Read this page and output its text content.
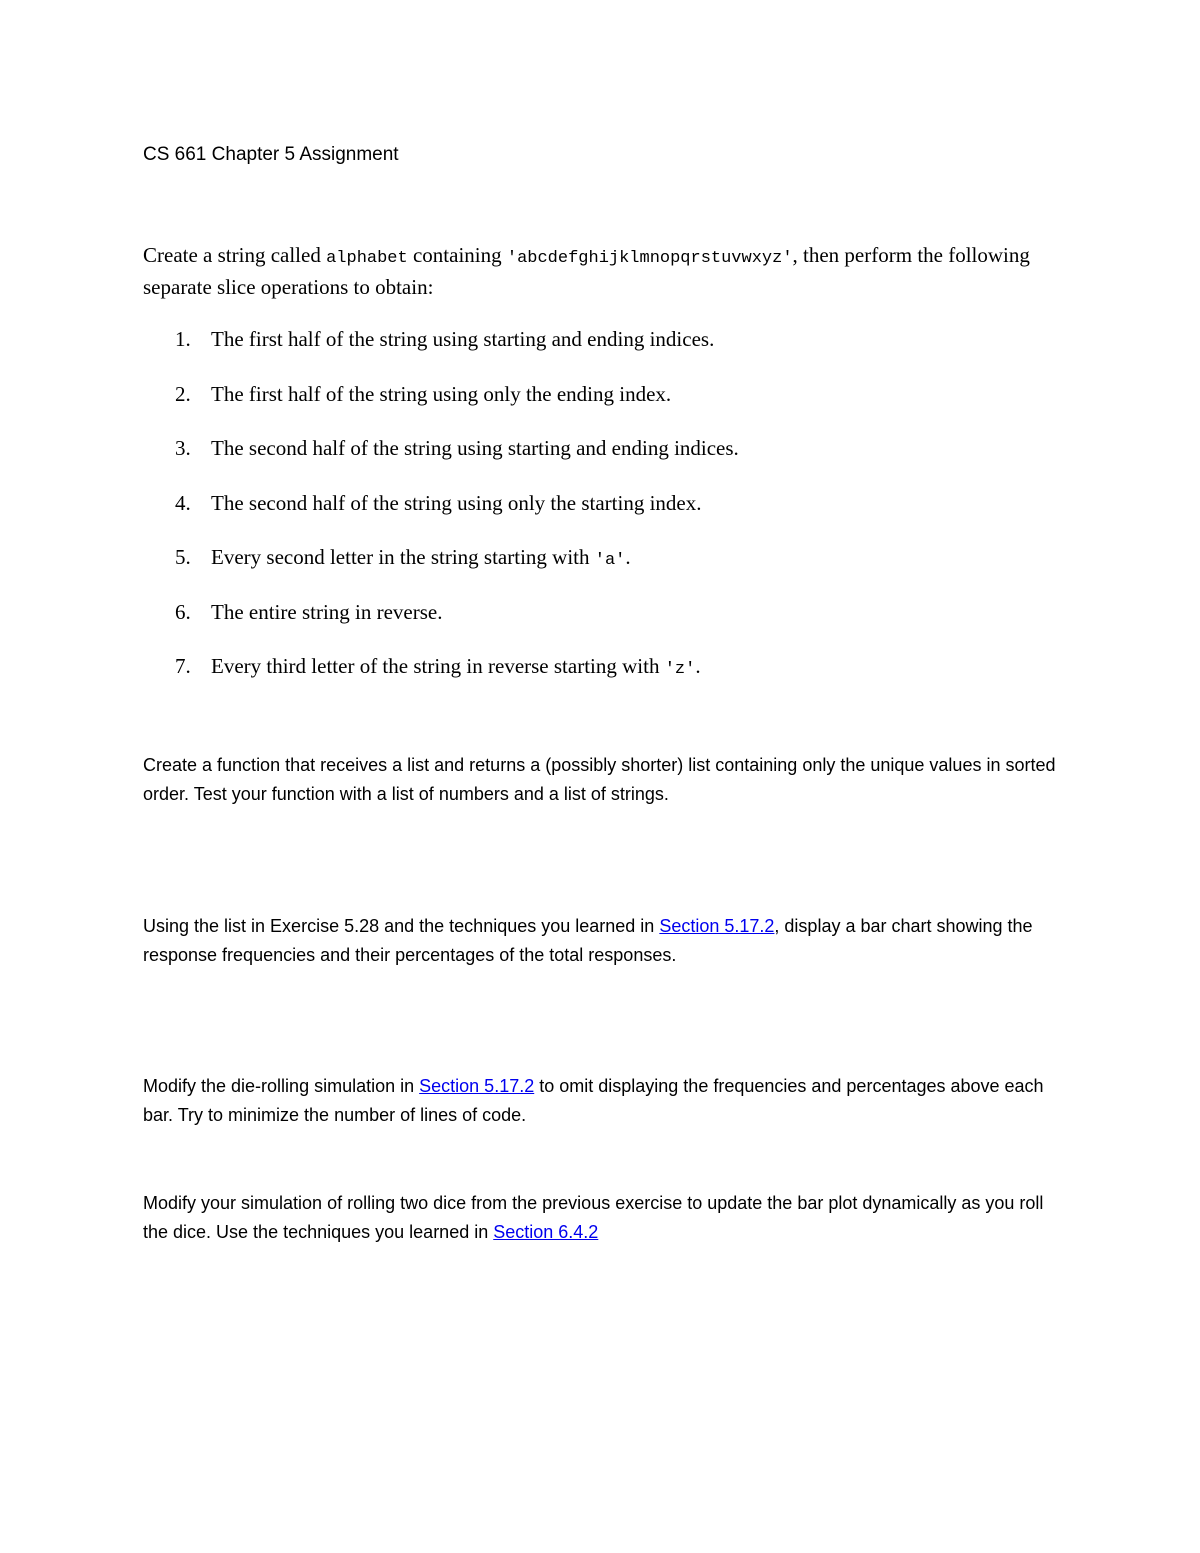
CS 661 Chapter 5 Assignment
Create a string called alphabet containing 'abcdefghijklmnopqrstuvwxyz', then perform the following separate slice operations to obtain:
1. The first half of the string using starting and ending indices.
2. The first half of the string using only the ending index.
3. The second half of the string using starting and ending indices.
4. The second half of the string using only the starting index.
5. Every second letter in the string starting with 'a'.
6. The entire string in reverse.
7. Every third letter of the string in reverse starting with 'z'.
Create a function that receives a list and returns a (possibly shorter) list containing only the unique values in sorted order. Test your function with a list of numbers and a list of strings.
Using the list in Exercise 5.28 and the techniques you learned in Section 5.17.2, display a bar chart showing the response frequencies and their percentages of the total responses.
Modify the die-rolling simulation in Section 5.17.2 to omit displaying the frequencies and percentages above each bar. Try to minimize the number of lines of code.
Modify your simulation of rolling two dice from the previous exercise to update the bar plot dynamically as you roll the dice. Use the techniques you learned in Section 6.4.2
